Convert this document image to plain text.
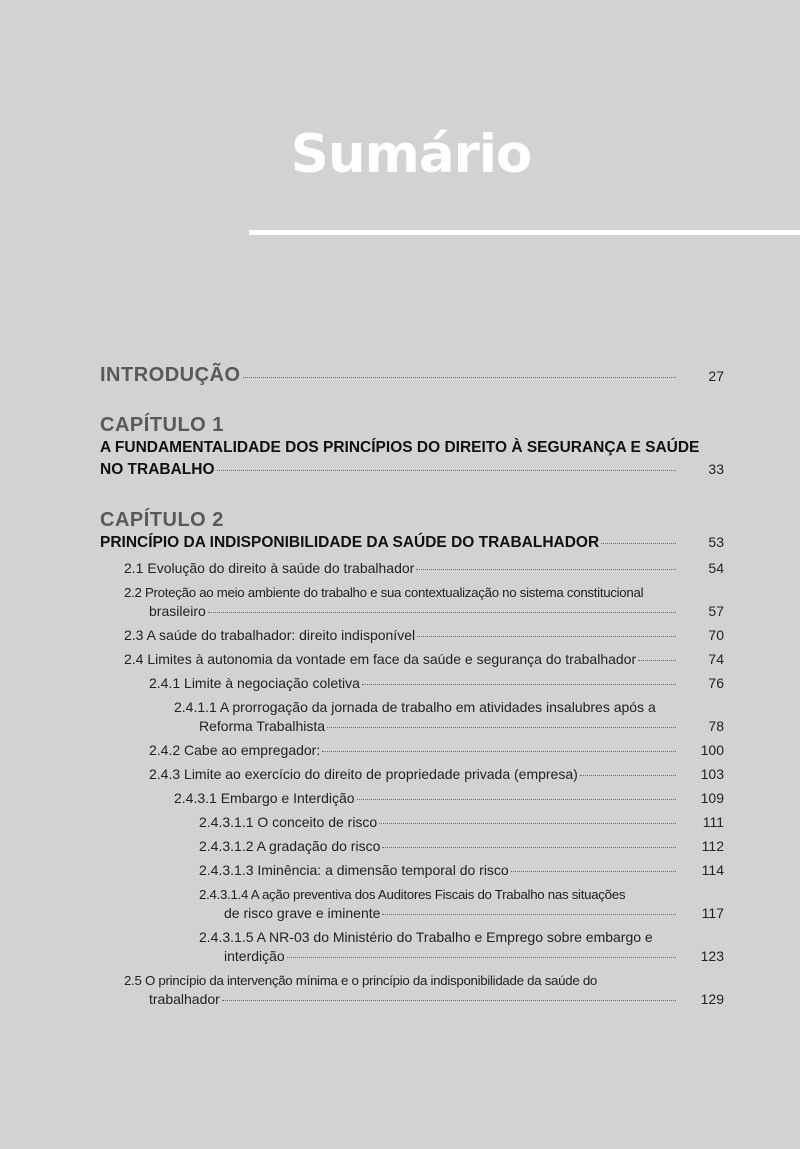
Sumário
INTRODUÇÃO	27
CAPÍTULO 1
A FUNDAMENTALIDADE DOS PRINCÍPIOS DO DIREITO À SEGURANÇA E SAÚDE
NO TRABALHO	33
CAPÍTULO 2
PRINCÍPIO DA INDISPONIBILIDADE DA SAÚDE DO TRABALHADOR	53
2.1 Evolução do direito à saúde do trabalhador	54
2.2 Proteção ao meio ambiente do trabalho e sua contextualização no sistema constitucional
brasileiro	57
2.3 A saúde do trabalhador: direito indisponível	70
2.4 Limites à autonomia da vontade em face da saúde e segurança do trabalhador	74
2.4.1 Limite à negociação coletiva	76
2.4.1.1 A prorrogação da jornada de trabalho em atividades insalubres após a
Reforma Trabalhista	78
2.4.2 Cabe ao empregador:	100
2.4.3 Limite ao exercício do direito de propriedade privada (empresa)	103
2.4.3.1 Embargo e Interdição	109
2.4.3.1.1 O conceito de risco	111
2.4.3.1.2 A gradação do risco	112
2.4.3.1.3 Iminência: a dimensão temporal do risco	114
2.4.3.1.4 A ação preventiva dos Auditores Fiscais do Trabalho nas situações
de risco grave e iminente	117
2.4.3.1.5 A NR-03 do Ministério do Trabalho e Emprego sobre embargo e
interdição	123
2.5 O princípio da intervenção mínima e o princípio da indisponibilidade da saúde do
trabalhador	129
